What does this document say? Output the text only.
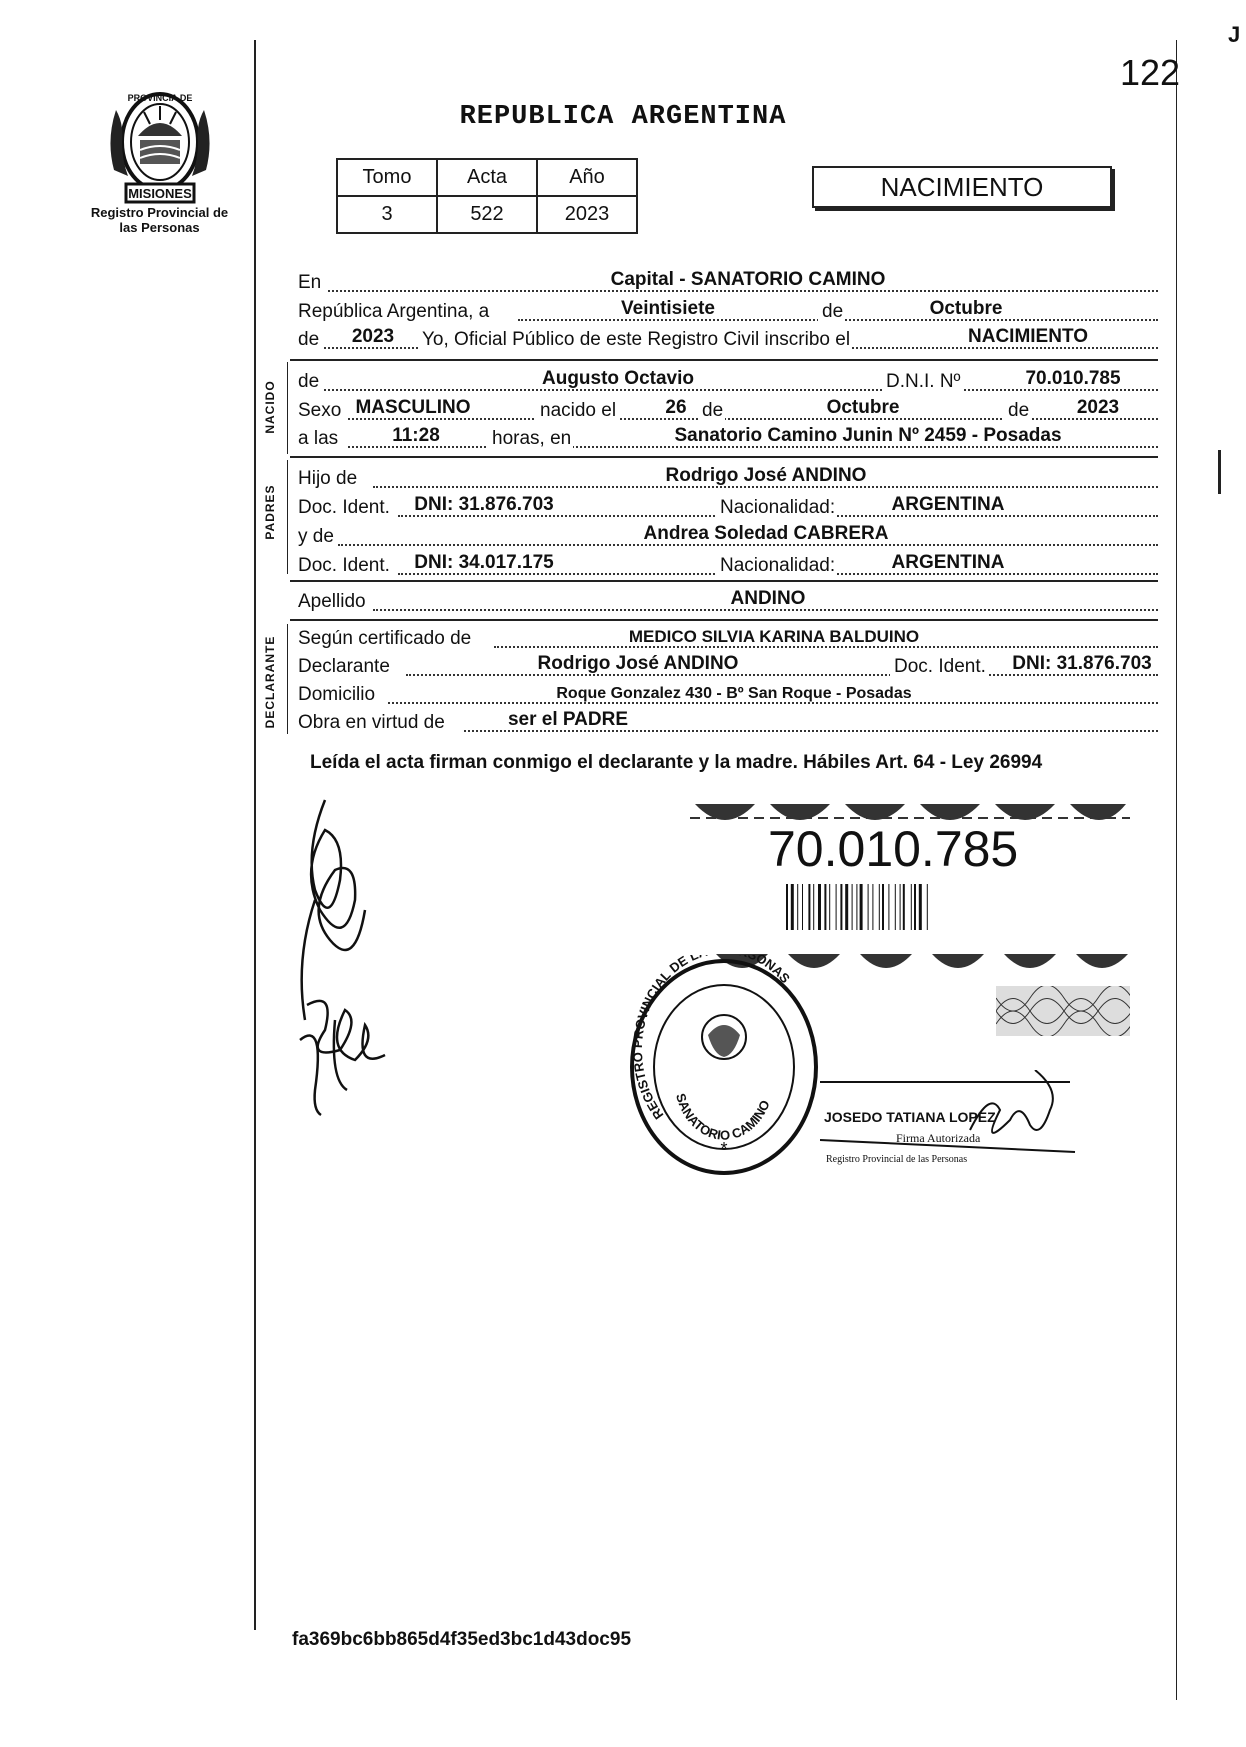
J
122
MISIONES
PROVINCIA DE
Registro Provincial de las Personas
REPUBLICA ARGENTINA
Tomo	Acta	Año
3	522	2023
NACIMIENTO
En	Capital - SANATORIO CAMINO
República Argentina, a	Veintisiete	de	Octubre
de 2023 Yo, Oficial Público de este Registro Civil inscribo el	NACIMIENTO
NACIDO de	Augusto Octavio	D.N.I. Nº	70.010.785
Sexo MASCULINO	nacido el	26 de	Octubre	de	2023
a las	11:28	horas, en	Sanatorio Camino Junin Nº 2459 - Posadas
PADRES
Hijo de	Rodrigo José ANDINO
Doc. Ident. DNI: 31.876.703	Nacionalidad:	ARGENTINA
y de	Andrea Soledad CABRERA
Doc. Ident. DNI: 34.017.175	Nacionalidad:	ARGENTINA
Apellido	ANDINO
DECLARANTE Según certificado de	MEDICO SILVIA KARINA BALDUINO
Declarante	Rodrigo José ANDINO	Doc. Ident. DNI: 31.876.703
Domicilio	Roque Gonzalez 430 - Bº San Roque - Posadas
Obra en virtud de	ser el PADRE
Leída el acta firman conmigo el declarante y la madre. Hábiles Art. 64 - Ley 26994
70.010.785
REGISTRO PROVINCIAL DE L ONAS
SANATORIO CAMINO
*
JOSEDO TATIANA LOPEZ
Firma Autorizada
Registro Provincial de las Personas
fa369bc6bb865d4f35ed3bc1d43doc95
